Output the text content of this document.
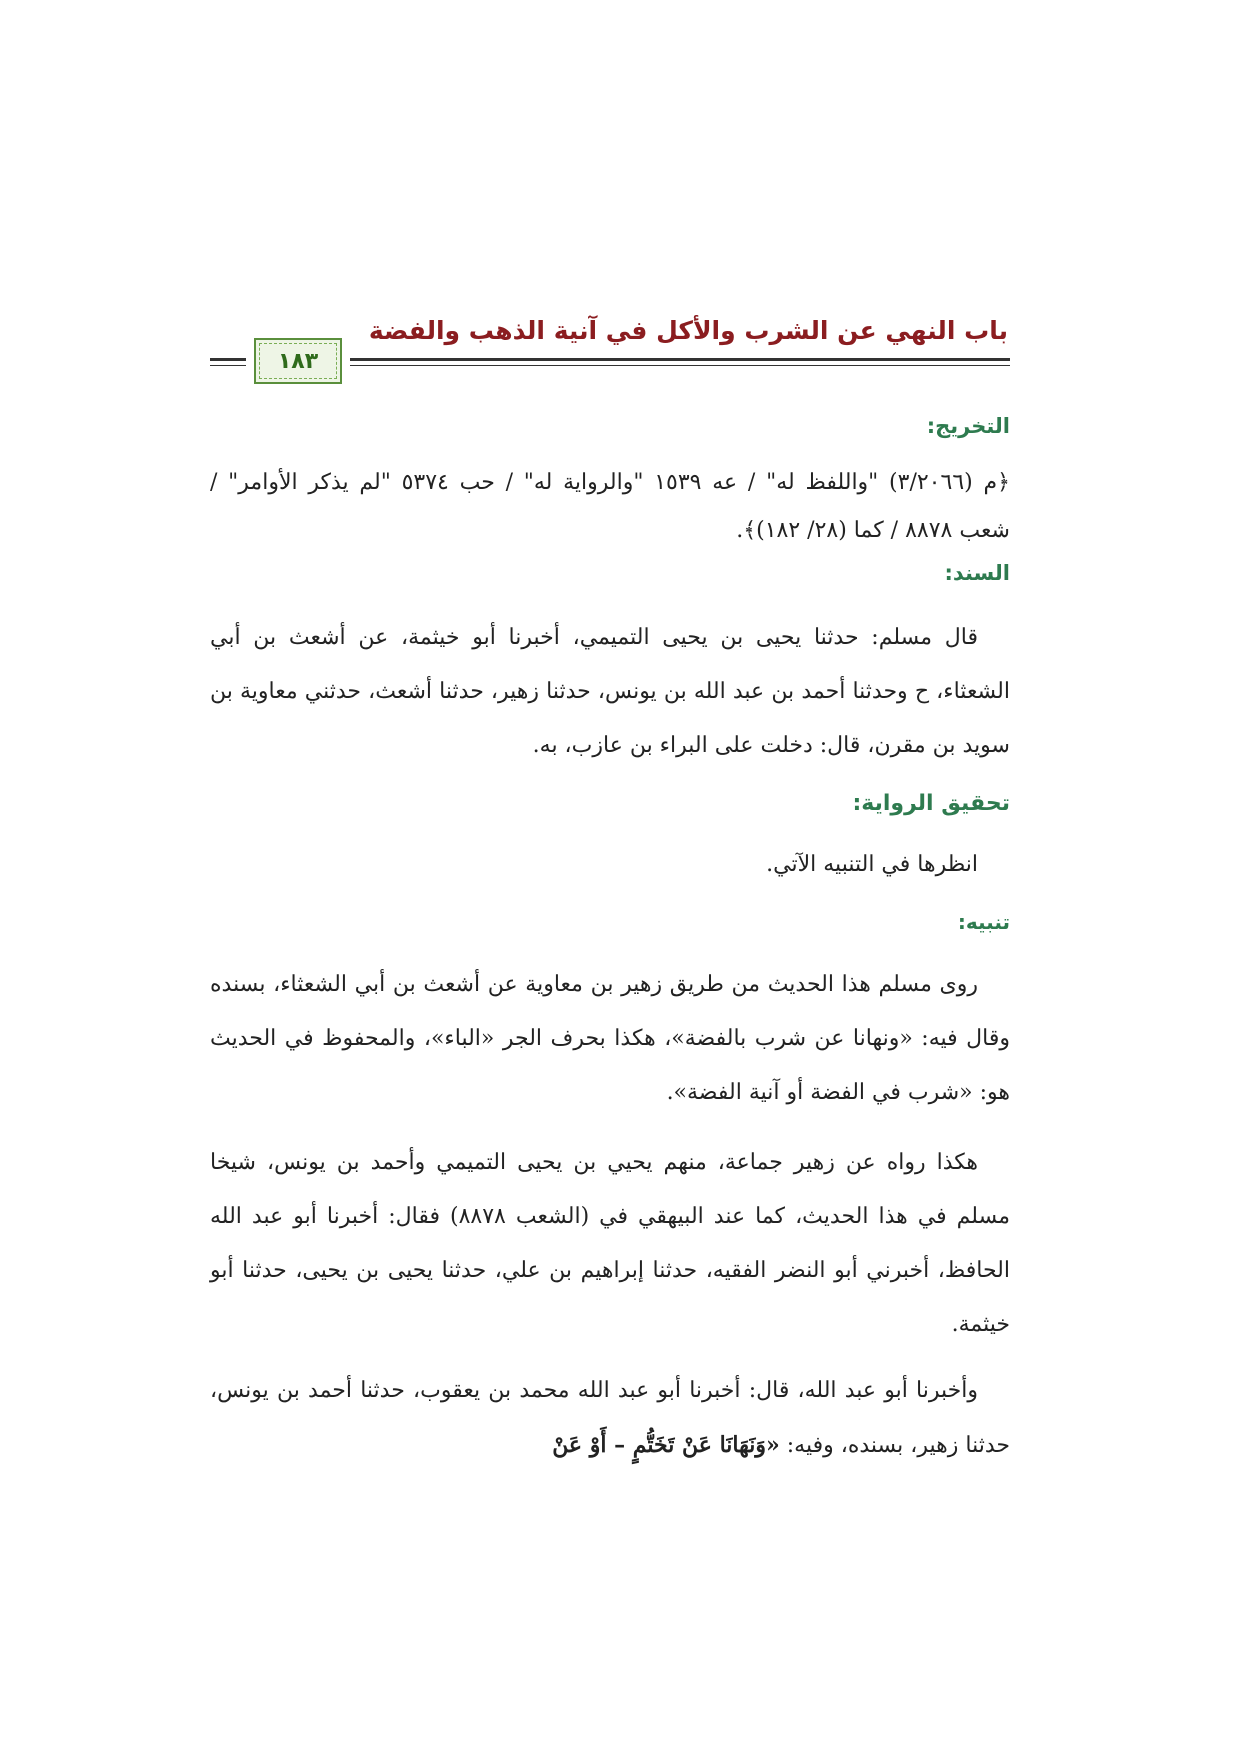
باب النهي عن الشرب والأكل في آنية الذهب والفضة
١٨٣
التخريج:

﴿م (٣/٢٠٦٦) "واللفظ له" / عه ١٥٣٩ "والرواية له" / حب ٥٣٧٤ "لم يذكر الأوامر" / شعب ٨٨٧٨ / كما (٢٨/ ١٨٢)﴾.

السند:

قال مسلم: حدثنا يحيى بن يحيى التميمي، أخبرنا أبو خيثمة، عن أشعث بن أبي الشعثاء، ح وحدثنا أحمد بن عبد الله بن يونس، حدثنا زهير، حدثنا أشعث، حدثني معاوية بن سويد بن مقرن، قال: دخلت على البراء بن عازب، به.

تحقيق الرواية:

انظرها في التنبيه الآتي.

تنبيه:

روى مسلم هذا الحديث من طريق زهير بن معاوية عن أشعث بن أبي الشعثاء، بسنده وقال فيه: «ونهانا عن شرب بالفضة»، هكذا بحرف الجر «الباء»، والمحفوظ في الحديث هو: «شرب في الفضة أو آنية الفضة».

هكذا رواه عن زهير جماعة، منهم يحيي بن يحيى التميمي وأحمد بن يونس، شيخا مسلم في هذا الحديث، كما عند البيهقي في (الشعب ٨٨٧٨) فقال: أخبرنا أبو عبد الله الحافظ، أخبرني أبو النضر الفقيه، حدثنا إبراهيم بن علي، حدثنا يحيى بن يحيى، حدثنا أبو خيثمة.

وأخبرنا أبو عبد الله، قال: أخبرنا أبو عبد الله محمد بن يعقوب، حدثنا أحمد بن يونس، حدثنا زهير، بسنده، وفيه: «وَنَهَانَا عَنْ تَخَتُّمٍ – أَوْ عَنْ
